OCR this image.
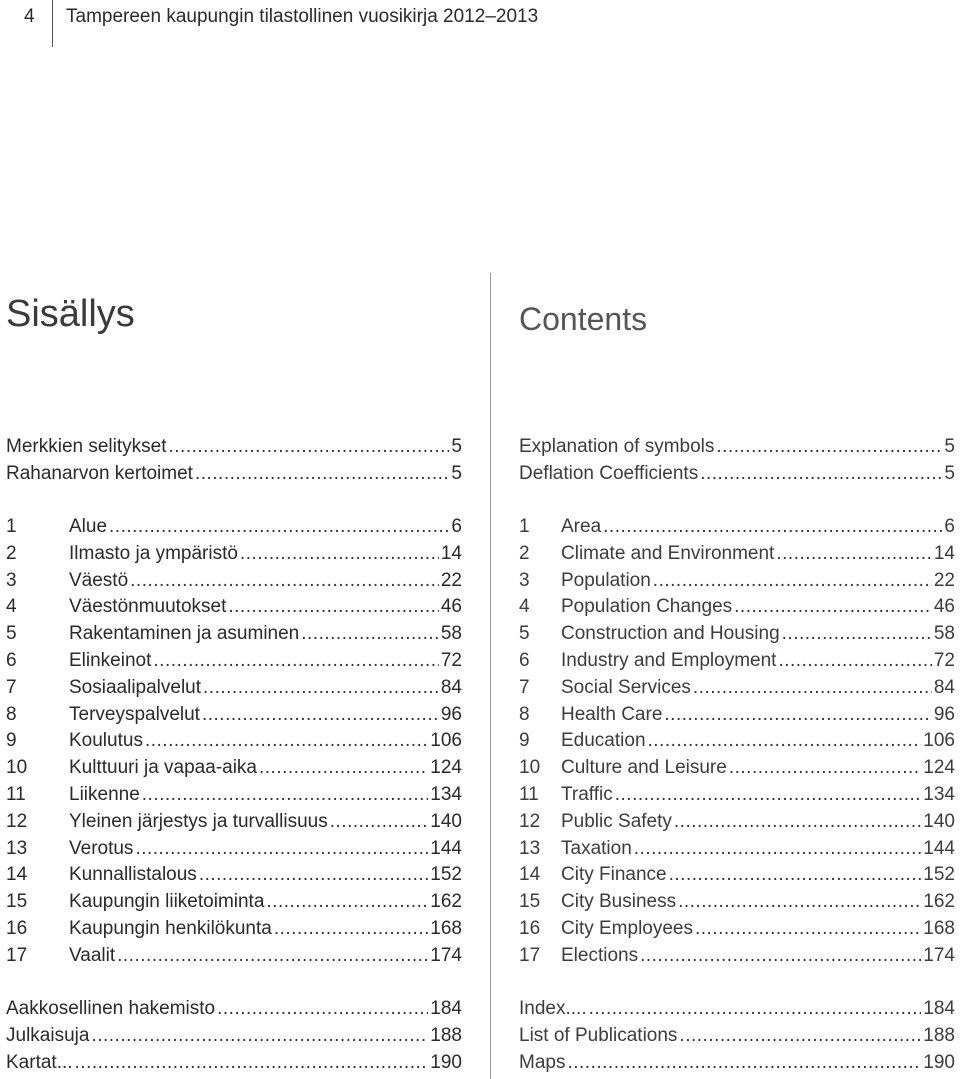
4 Tampereen kaupungin tilastollinen vuosikirja 2012–2013
Sisällys
Merkkien selitykset .....	5
Rahanarvon kertoimet .....	5
1	Alue .....	6
2	Ilmasto ja ympäristö .....	14
3	Väestö .....	22
4	Väestönmuutokset .....	46
5	Rakentaminen ja asuminen .....	58
6	Elinkeinot .....	72
7	Sosiaalipalvelut .....	84
8	Terveyspalvelut .....	96
9	Koulutus .....	106
10	Kulttuuri ja vapaa-aika .....	124
11	Liikenne .....	134
12	Yleinen järjestys ja turvallisuus .....	140
13	Verotus .....	144
14	Kunnallistalous .....	152
15	Kaupungin liiketoiminta .....	162
16	Kaupungin henkilökunta .....	168
17	Vaalit .....	174
Aakkosellinen hakemisto .....	184
Julkaisuja .....	188
Kartat... .....	190
Contents
Explanation of symbols .....	5
Deflation Coefficients .....	5
1	Area .....	6
2	Climate and Environment .....	14
3	Population .....	22
4	Population Changes .....	46
5	Construction and Housing .....	58
6	Industry and Employment .....	72
7	Social Services .....	84
8	Health Care .....	96
9	Education .....	106
10	Culture and Leisure .....	124
11	Traffic .....	134
12	Public Safety .....	140
13	Taxation .....	144
14	City Finance .....	152
15	City Business .....	162
16	City Employees .....	168
17	Elections .....	174
Index.... .....	184
List of Publications .....	188
Maps .....	190
